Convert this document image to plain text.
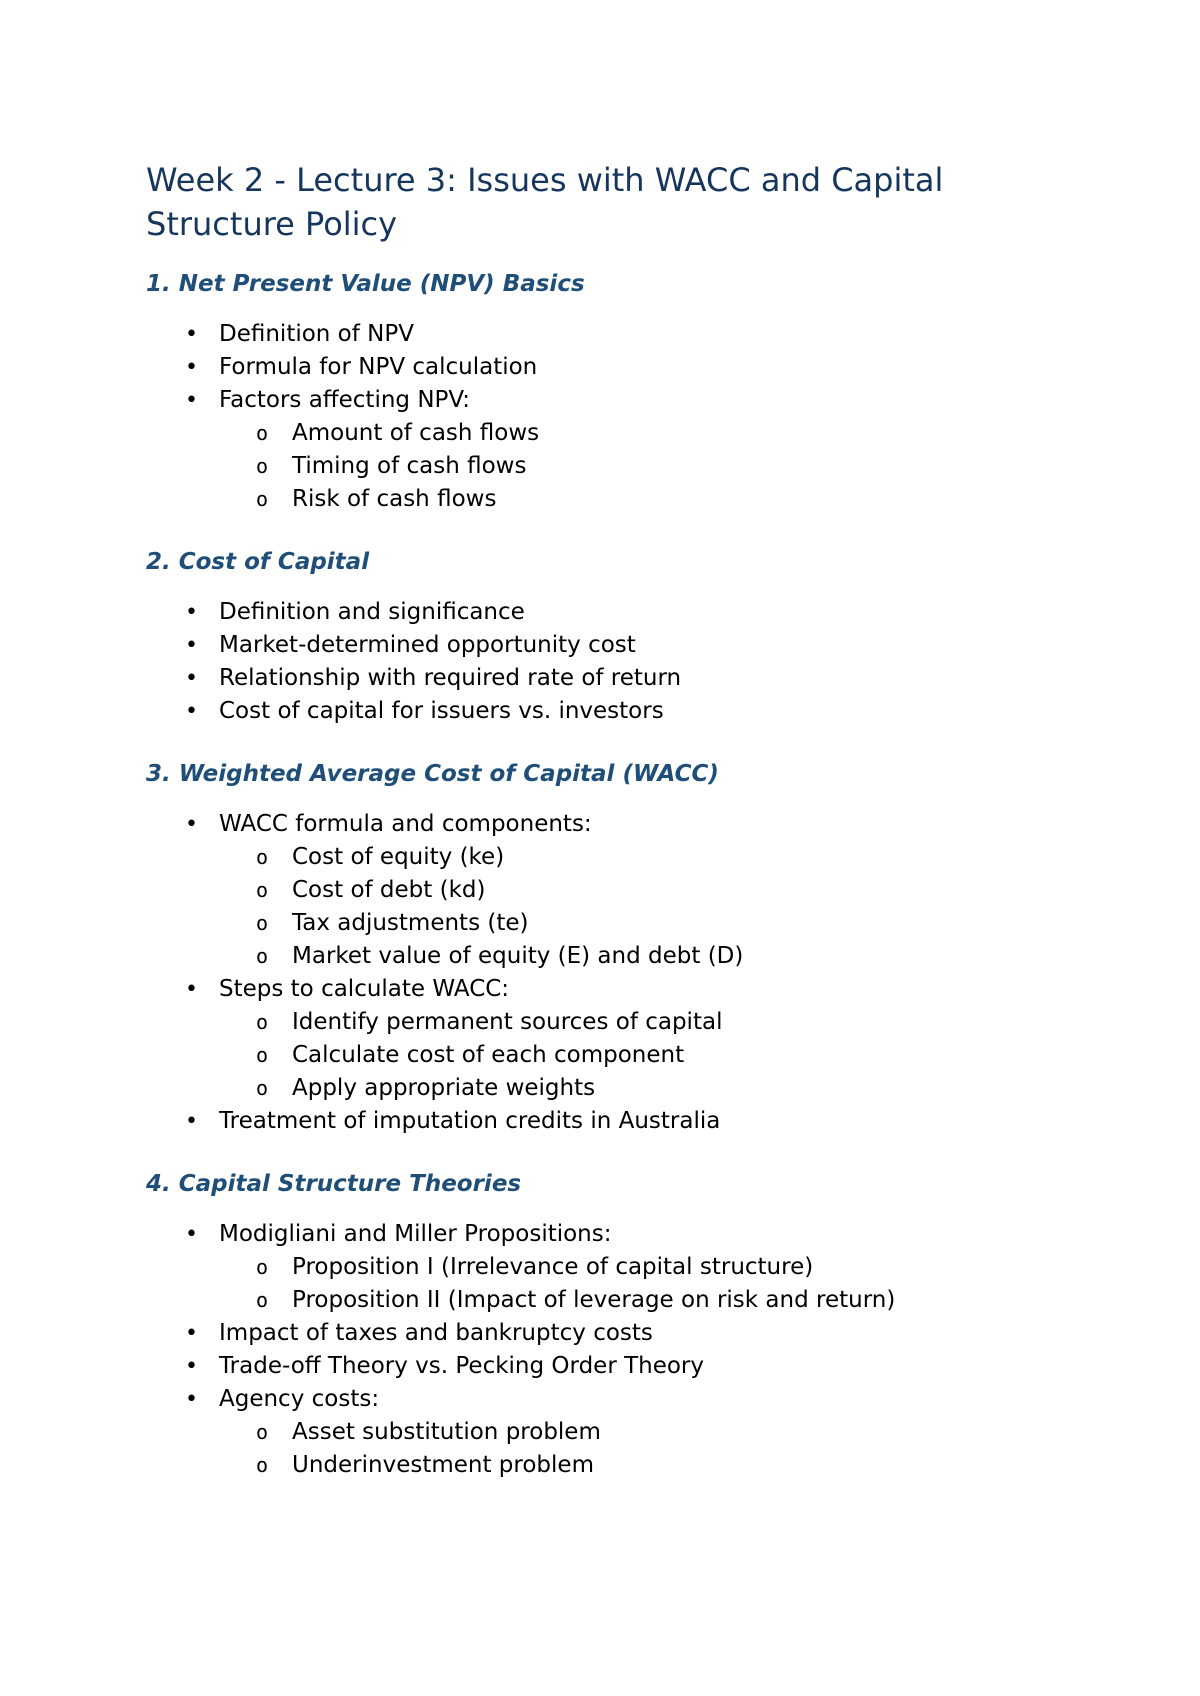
Week 2 - Lecture 3: Issues with WACC and Capital Structure Policy
1. Net Present Value (NPV) Basics
• Definition of NPV
• Formula for NPV calculation
• Factors affecting NPV:
o Amount of cash flows
o Timing of cash flows
o Risk of cash flows
2. Cost of Capital
• Definition and significance
• Market-determined opportunity cost
• Relationship with required rate of return
• Cost of capital for issuers vs. investors
3. Weighted Average Cost of Capital (WACC)
• WACC formula and components:
o Cost of equity (ke)
o Cost of debt (kd)
o Tax adjustments (te)
o Market value of equity (E) and debt (D)
• Steps to calculate WACC:
o Identify permanent sources of capital
o Calculate cost of each component
o Apply appropriate weights
• Treatment of imputation credits in Australia
4. Capital Structure Theories
• Modigliani and Miller Propositions:
o Proposition I (Irrelevance of capital structure)
o Proposition II (Impact of leverage on risk and return)
• Impact of taxes and bankruptcy costs
• Trade-off Theory vs. Pecking Order Theory
• Agency costs:
o Asset substitution problem
o Underinvestment problem
